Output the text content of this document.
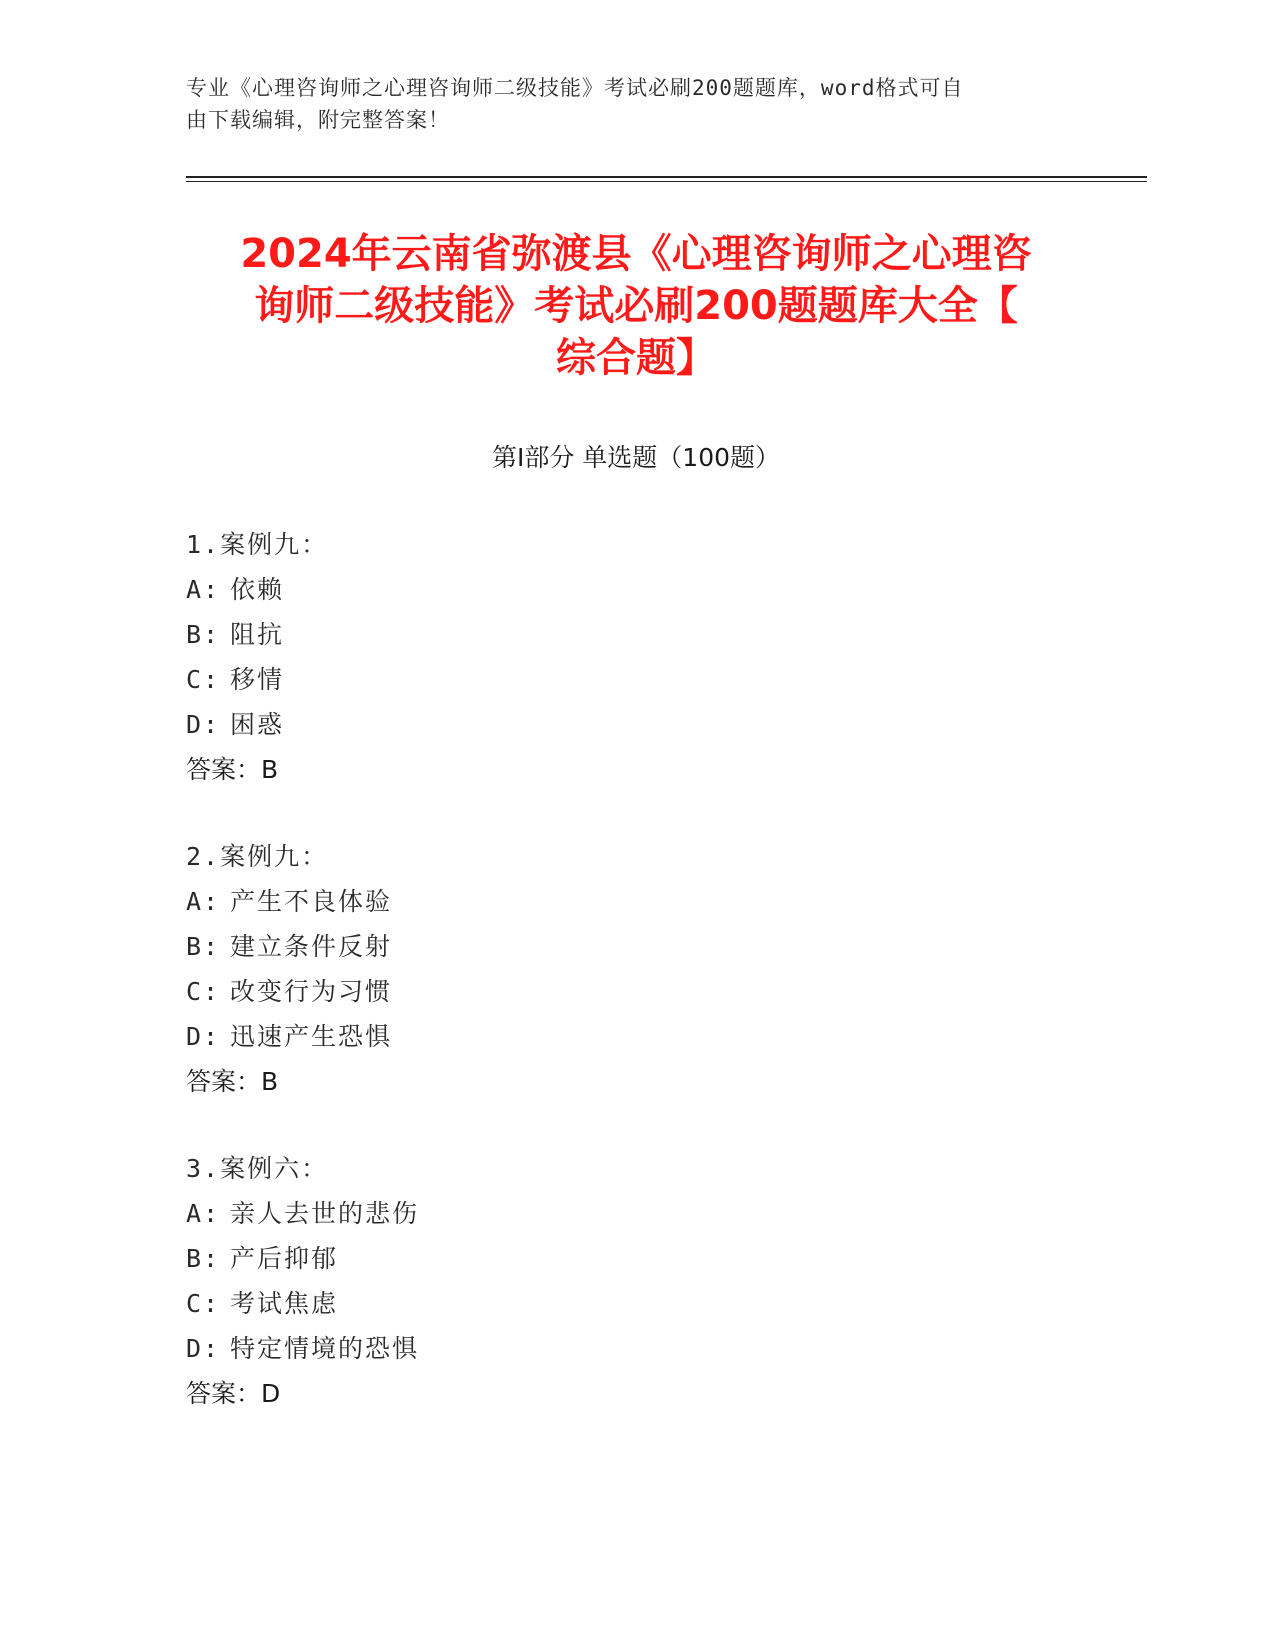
专业《心理咨询师之心理咨询师二级技能》考试必刷200题题库，word格式可自
由下载编辑，附完整答案！
2024年云南省弥渡县《心理咨询师之心理咨
询师二级技能》考试必刷200题题库大全【
综合题】
第I部分 单选题（100题）
1.案例九：
A: 依赖
B: 阻抗
C: 移情
D: 困惑
答案：B
2.案例九：
A: 产生不良体验
B: 建立条件反射
C: 改变行为习惯
D: 迅速产生恐惧
答案：B
3.案例六：
A: 亲人去世的悲伤
B: 产后抑郁
C: 考试焦虑
D: 特定情境的恐惧
答案：D
